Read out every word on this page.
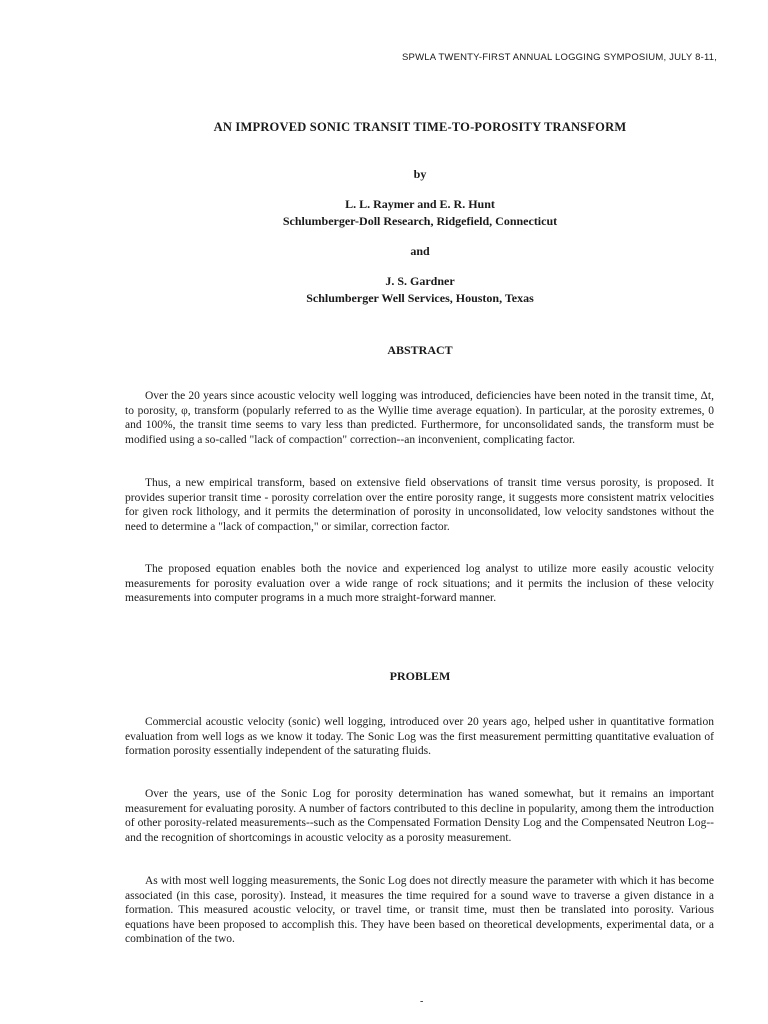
SPWLA TWENTY-FIRST ANNUAL LOGGING SYMPOSIUM, JULY 8-11,
AN IMPROVED SONIC TRANSIT TIME-TO-POROSITY TRANSFORM
by
L. L. Raymer and E. R. Hunt
Schlumberger-Doll Research, Ridgefield, Connecticut
and
J. S. Gardner
Schlumberger Well Services, Houston, Texas
ABSTRACT

Over the 20 years since acoustic velocity well logging was introduced, deficiencies have been noted in the transit time, Δt, to porosity, φ, transform (popularly referred to as the Wyllie time average equation). In particular, at the porosity extremes, 0 and 100%, the transit time seems to vary less than predicted. Furthermore, for unconsolidated sands, the transform must be modified using a so-called "lack of compaction" correction--an inconvenient, complicating factor.

Thus, a new empirical transform, based on extensive field observations of transit time versus porosity, is proposed. It provides superior transit time - porosity correlation over the entire porosity range, it suggests more consistent matrix velocities for given rock lithology, and it permits the determination of porosity in unconsolidated, low velocity sandstones without the need to determine a "lack of compaction," or similar, correction factor.

The proposed equation enables both the novice and experienced log analyst to utilize more easily acoustic velocity measurements for porosity evaluation over a wide range of rock situations; and it permits the inclusion of these velocity measurements into computer programs in a much more straight-forward manner.

PROBLEM

Commercial acoustic velocity (sonic) well logging, introduced over 20 years ago, helped usher in quantitative formation evaluation from well logs as we know it today. The Sonic Log was the first measurement permitting quantitative evaluation of formation porosity essentially independent of the saturating fluids.

Over the years, use of the Sonic Log for porosity determination has waned somewhat, but it remains an important measurement for evaluating porosity. A number of factors contributed to this decline in popularity, among them the introduction of other porosity-related measurements--such as the Compensated Formation Density Log and the Compensated Neutron Log--and the recognition of shortcomings in acoustic velocity as a porosity measurement.

As with most well logging measurements, the Sonic Log does not directly measure the parameter with which it has become associated (in this case, porosity). Instead, it measures the time required for a sound wave to traverse a given distance in a formation. This measured acoustic velocity, or travel time, or transit time, must then be translated into porosity. Various equations have been proposed to accomplish this. They have been based on theoretical developments, experimental data, or a combination of the two.

-
